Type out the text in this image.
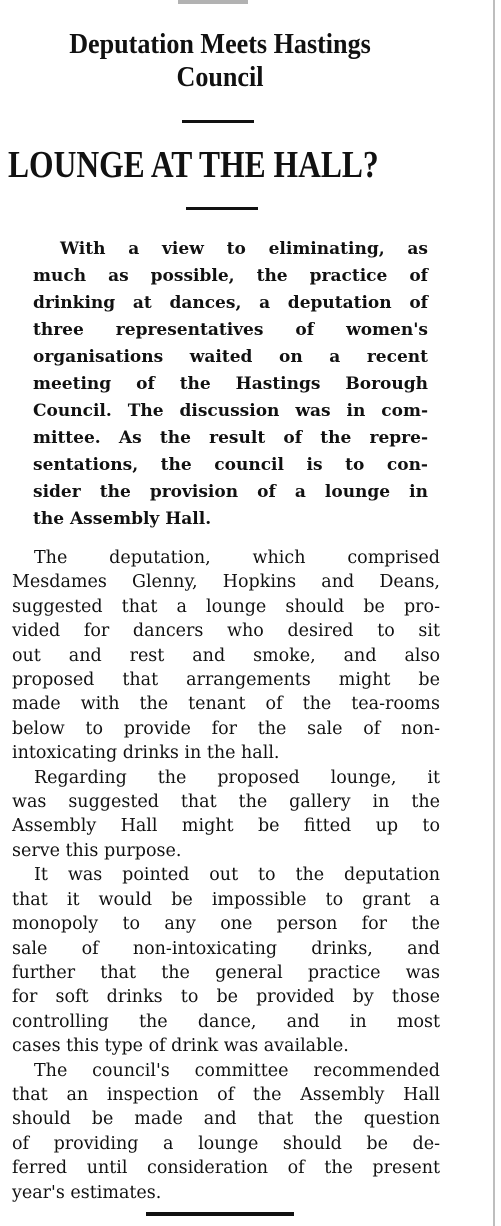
Deputation Meets Hastings
Council
LOUNGE AT THE HALL?
With a view to eliminating, as
much as possible, the practice of
drinking at dances, a deputation of
three representatives of women's
organisations waited on a recent
meeting of the Hastings Borough
Council. The discussion was in com-
mittee. As the result of the repre-
sentations, the council is to con-
sider the provision of a lounge in
the Assembly Hall.
The deputation, which comprised
Mesdames Glenny, Hopkins and Deans,
suggested that a lounge should be pro-
vided for dancers who desired to sit
out and rest and smoke, and also
proposed that arrangements might be
made with the tenant of the tea-rooms
below to provide for the sale of non-
intoxicating drinks in the hall.
Regarding the proposed lounge, it
was suggested that the gallery in the
Assembly Hall might be fitted up to
serve this purpose.
It was pointed out to the deputation
that it would be impossible to grant a
monopoly to any one person for the
sale of non-intoxicating drinks, and
further that the general practice was
for soft drinks to be provided by those
controlling the dance, and in most
cases this type of drink was available.
The council's committee recommended
that an inspection of the Assembly Hall
should be made and that the question
of providing a lounge should be de-
ferred until consideration of the present
year's estimates.
